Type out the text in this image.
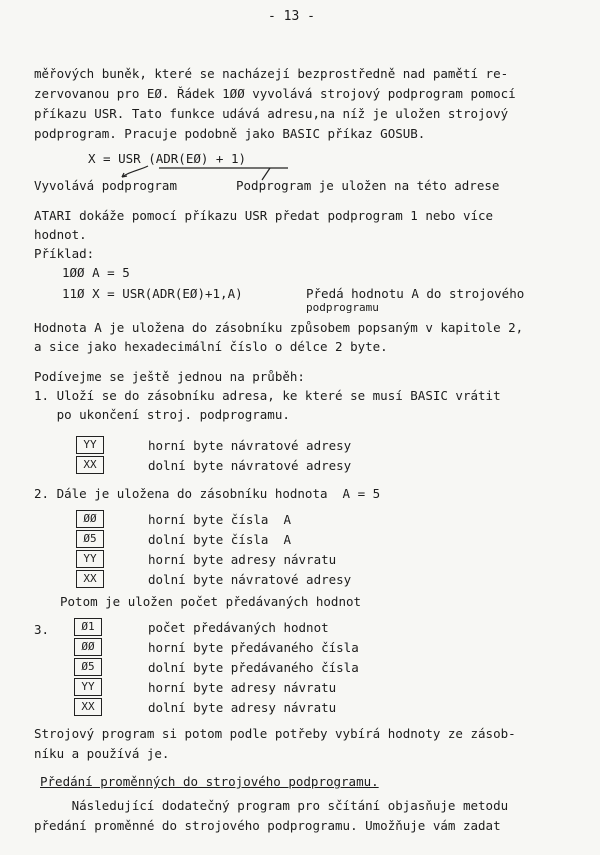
- 13 -
měřových buněk, které se nacházejí bezprostředně nad pamětí re-
zervovanou pro EØ. Řádek 1ØØ vyvolává strojový podprogram pomocí
příkazu USR. Tato funkce udává adresu,na níž je uložen strojový
podprogram. Pracuje podobně jako BASIC příkaz GOSUB.
X = USR (ADR(EØ) + 1)
Vyvolává podprogram	Podprogram je uložen na této adrese
ATARI dokáže pomocí příkazu USR předat podprogram 1 nebo více
hodnot.
Příklad:
1ØØ A = 5
11Ø X = USR(ADR(EØ)+1,A)	Předá hodnotu A do strojového
podprogramu
Hodnota A je uložena do zásobníku způsobem popsaným v kapitole 2,
a sice jako hexadecimální číslo o délce 2 byte.
Podívejme se ještě jednou na průběh:
1. Uloží se do zásobníku adresa, ke které se musí BASIC vrátit
po ukončení stroj. podprogramu.
YY	horní byte návratové adresy
XX	dolní byte návratové adresy
2. Dále je uložena do zásobníku hodnota  A = 5
ØØ	horní byte čísla  A
Ø5	dolní byte čísla  A
YY	horní byte adresy návratu
XX	dolní byte návratové adresy
Potom je uložen počet předávaných hodnot
3.	Ø1	počet předávaných hodnot
ØØ	horní byte předávaného čísla
Ø5	dolní byte předávaného čísla
YY	horní byte adresy návratu
XX	dolní byte adresy návratu
Strojový program si potom podle potřeby vybírá hodnoty ze zásob-
níku a používá je.
Předání proměnných do strojového podprogramu.
Následující dodatečný program pro sčítání objasňuje metodu
předání proměnné do strojového podprogramu. Umožňuje vám zadat
